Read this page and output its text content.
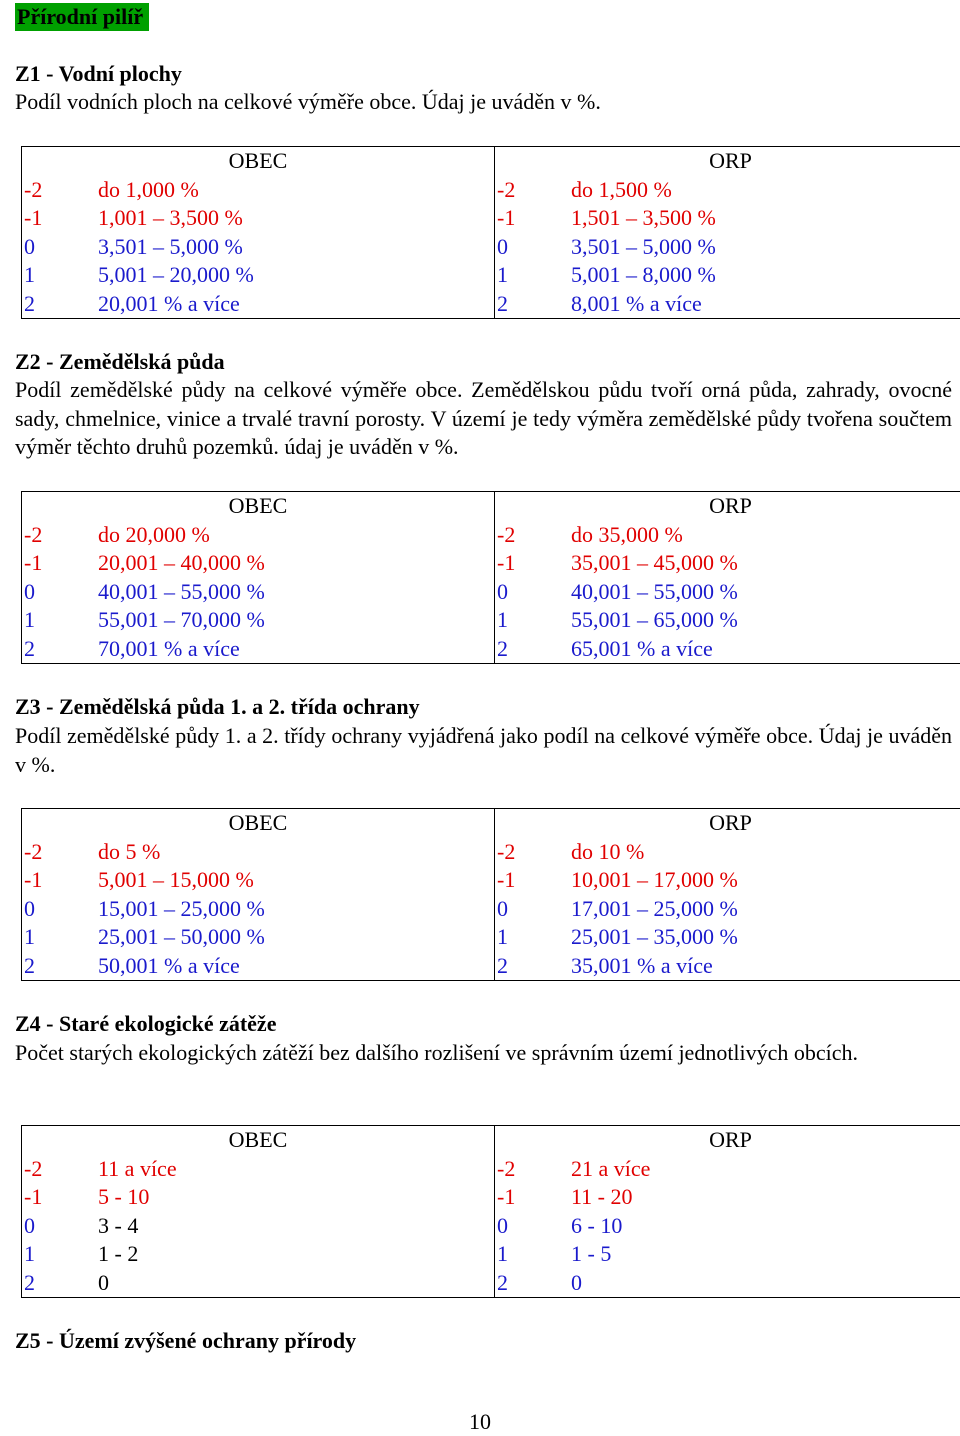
Přírodní pilíř
Z1 - Vodní plochy
Podíl vodních ploch na celkové výměře obce. Údaj je uváděn v %.
OBEC
-2	do 1,000 %
-1	1,001 – 3,500 %
0	3,501 – 5,000 %
1	5,001 – 20,000 %
2	20,001 % a více
ORP
-2	do 1,500 %
-1	1,501 – 3,500 %
0	3,501 – 5,000 %
1	5,001 – 8,000 %
2	8,001 % a více
Z2 - Zemědělská půda
Podíl zemědělské půdy na celkové výměře obce. Zemědělskou půdu tvoří orná půda, zahrady, ovocné sady, chmelnice, vinice a trvalé travní porosty. V území je tedy výměra zemědělské půdy tvořena součtem výměr těchto druhů pozemků. údaj je uváděn v %.
OBEC
-2	do 20,000 %
-1	20,001 – 40,000 %
0	40,001 – 55,000 %
1	55,001 – 70,000 %
2	70,001 % a více
ORP
-2	do 35,000 %
-1	35,001 – 45,000 %
0	40,001 – 55,000 %
1	55,001 – 65,000 %
2	65,001 % a více
Z3 - Zemědělská půda 1. a 2. třída ochrany
Podíl zemědělské půdy 1. a 2. třídy ochrany vyjádřená jako podíl na celkové výměře obce. Údaj je uváděn v %.
OBEC
-2	do 5 %
-1	5,001 – 15,000 %
0	15,001 – 25,000 %
1	25,001 – 50,000 %
2	50,001 % a více
ORP
-2	do 10 %
-1	10,001 – 17,000 %
0	17,001 – 25,000 %
1	25,001 – 35,000 %
2	35,001 % a více
Z4 - Staré ekologické zátěže
Počet starých ekologických zátěží bez dalšího rozlišení ve správním území jednotlivých obcích.
OBEC
-2	11 a více
-1	5 - 10
0	3 - 4
1	1 - 2
2	0
ORP
-2	21 a více
-1	11 - 20
0	6 - 10
1	1 - 5
2	0
Z5 - Území zvýšené ochrany přírody
10
